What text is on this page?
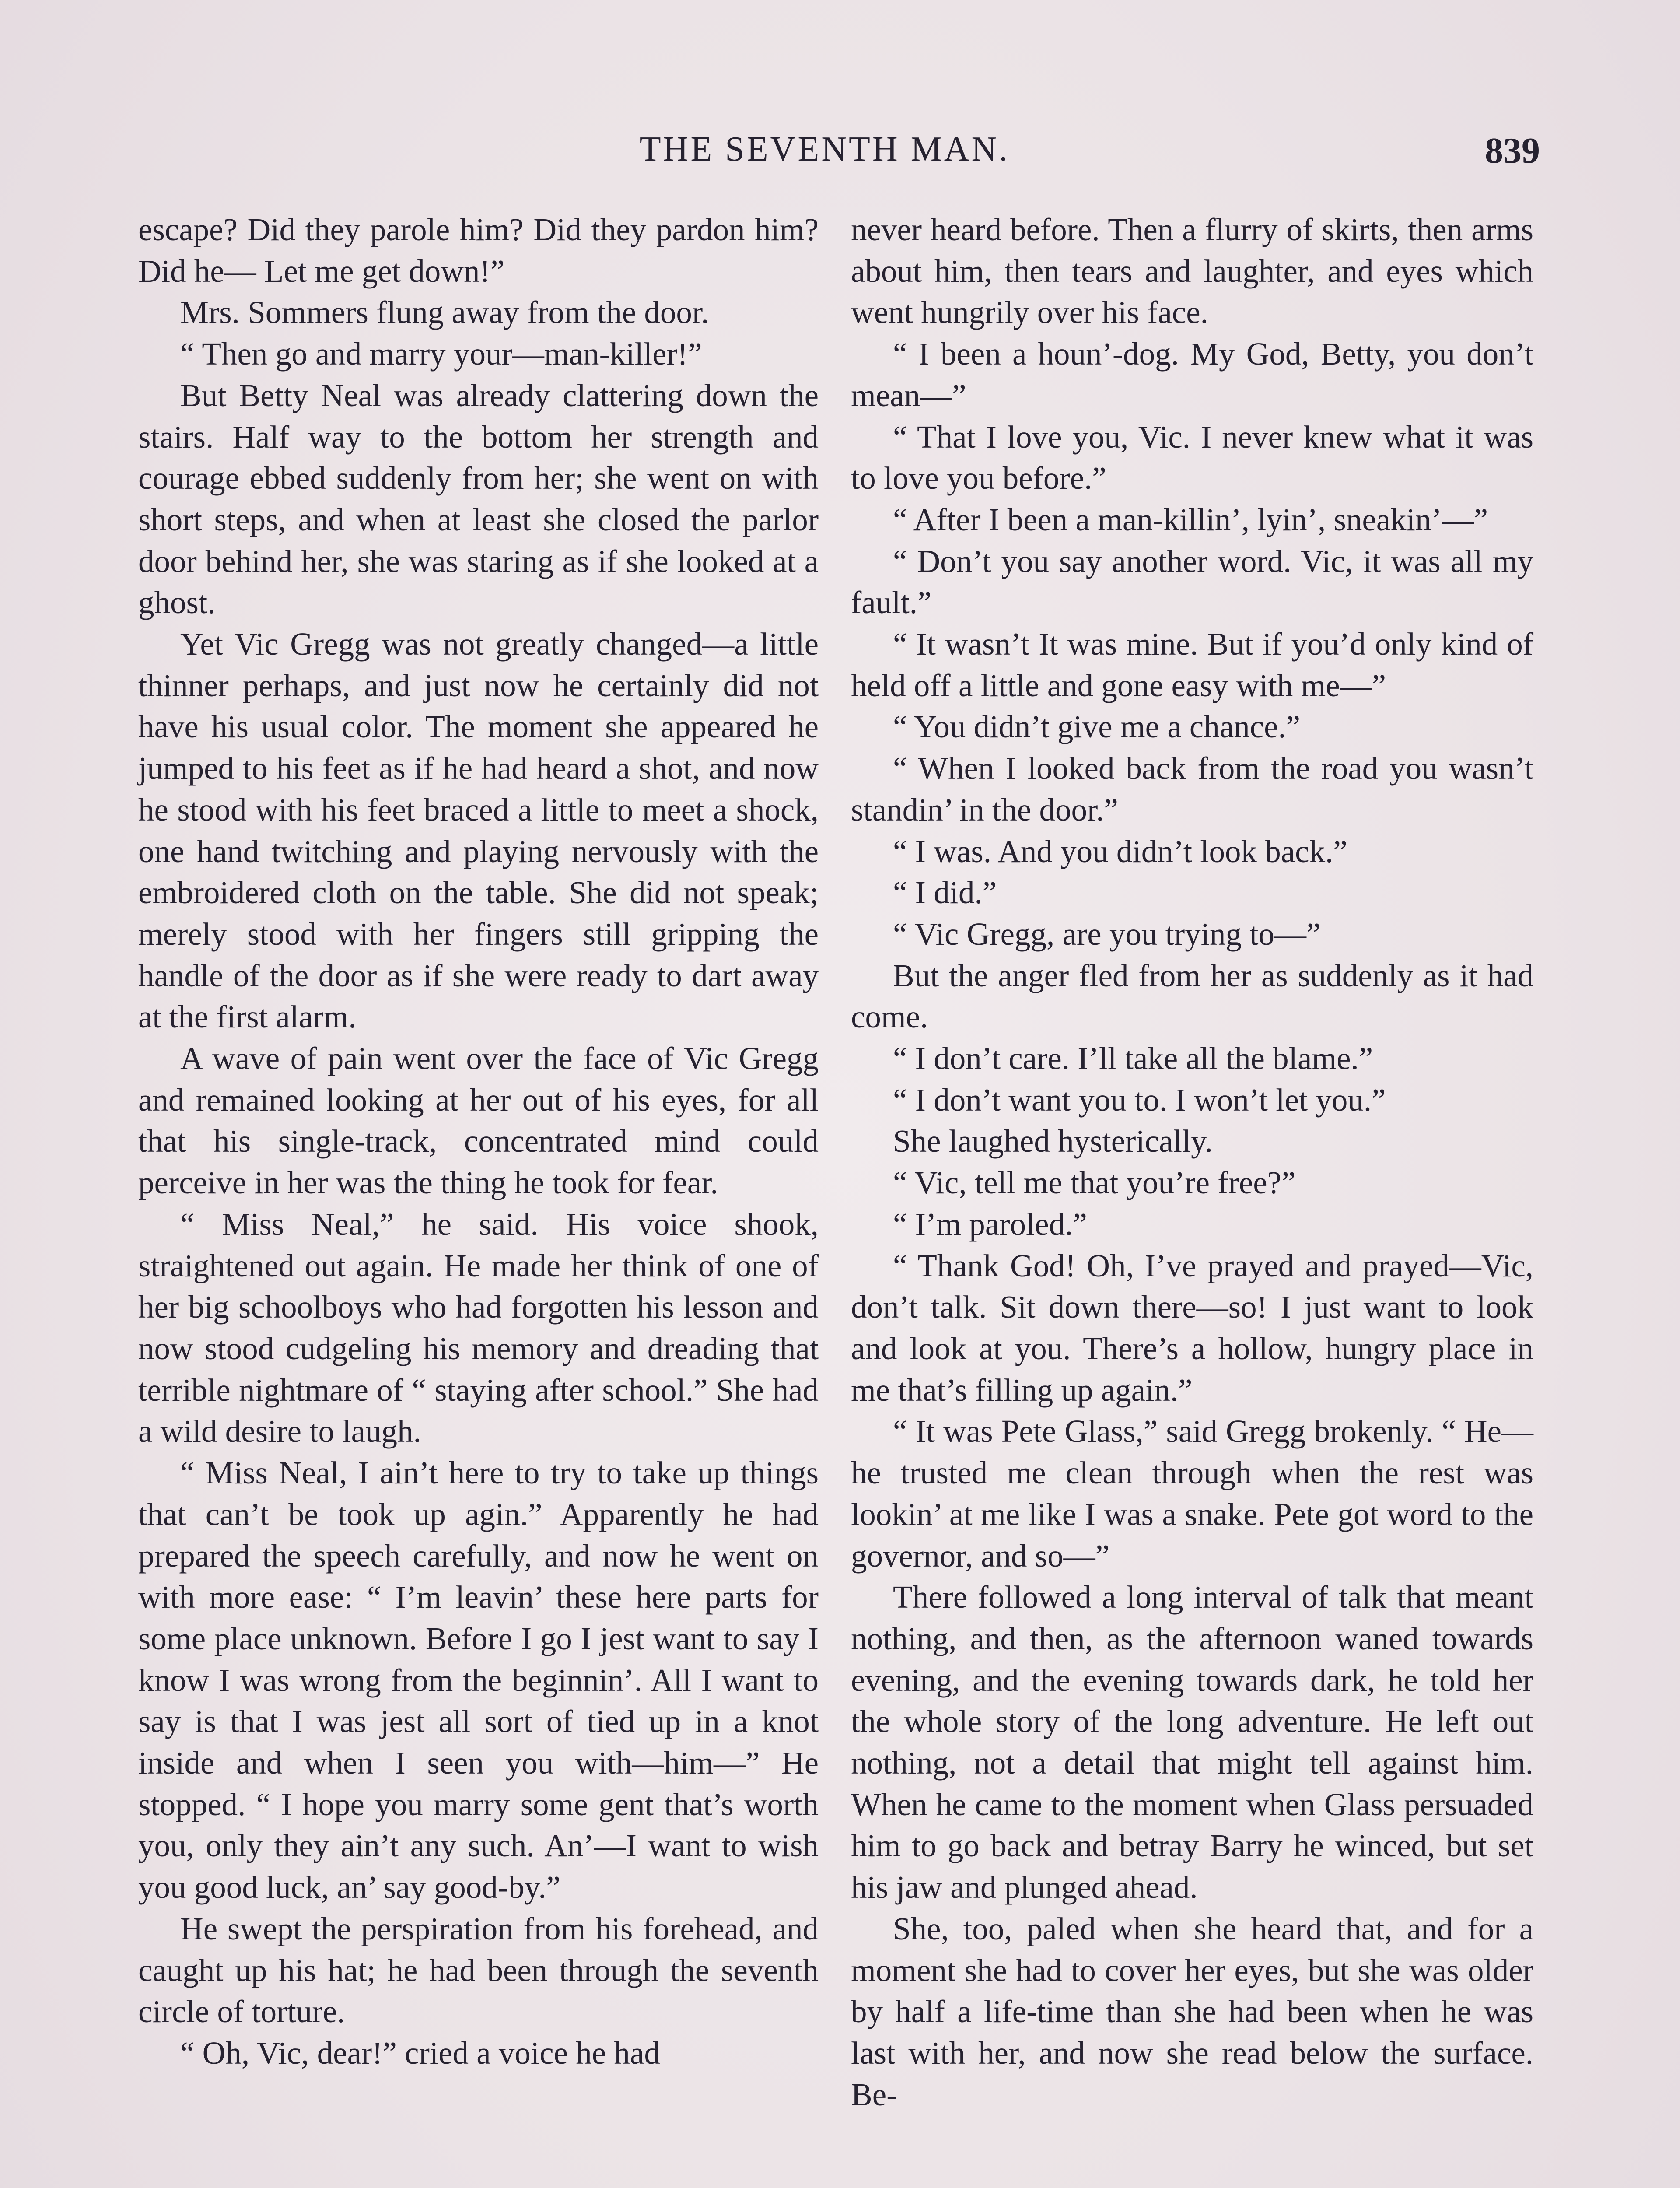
THE SEVENTH MAN.	839

escape? Did they parole him? Did they pardon him? Did he— Let me get down!”

Mrs. Sommers flung away from the door.

“ Then go and marry your—man-killer!”

But Betty Neal was already clattering down the stairs. Half way to the bottom her strength and courage ebbed suddenly from her; she went on with short steps, and when at least she closed the parlor door behind her, she was staring as if she looked at a ghost.

Yet Vic Gregg was not greatly changed—a little thinner perhaps, and just now he certainly did not have his usual color. The moment she appeared he jumped to his feet as if he had heard a shot, and now he stood with his feet braced a little to meet a shock, one hand twitching and playing nervously with the embroidered cloth on the table. She did not speak; merely stood with her fingers still gripping the handle of the door as if she were ready to dart away at the first alarm.

A wave of pain went over the face of Vic Gregg and remained looking at her out of his eyes, for all that his single-track, concentrated mind could perceive in her was the thing he took for fear.

“ Miss Neal,” he said. His voice shook, straightened out again. He made her think of one of her big schoolboys who had forgotten his lesson and now stood cudgeling his memory and dreading that terrible nightmare of “ staying after school.” She had a wild desire to laugh.

“ Miss Neal, I ain’t here to try to take up things that can’t be took up agin.” Apparently he had prepared the speech carefully, and now he went on with more ease: “ I’m leavin’ these here parts for some place unknown. Before I go I jest want to say I know I was wrong from the beginnin’. All I want to say is that I was jest all sort of tied up in a knot inside and when I seen you with—him—” He stopped. “ I hope you marry some gent that’s worth you, only they ain’t any such. An’—I want to wish you good luck, an’ say good-by.”

He swept the perspiration from his forehead, and caught up his hat; he had been through the seventh circle of torture.

“ Oh, Vic, dear!” cried a voice he had

never heard before. Then a flurry of skirts, then arms about him, then tears and laughter, and eyes which went hungrily over his face.

“ I been a houn’-dog. My God, Betty, you don’t mean—”

“ That I love you, Vic. I never knew what it was to love you before.”

“ After I been a man-killin’, lyin’, sneakin’—”

“ Don’t you say another word. Vic, it was all my fault.”

“ It wasn’t It was mine. But if you’d only kind of held off a little and gone easy with me—”

“ You didn’t give me a chance.”

“ When I looked back from the road you wasn’t standin’ in the door.”

“ I was. And you didn’t look back.”

“ I did.”

“ Vic Gregg, are you trying to—”

But the anger fled from her as suddenly as it had come.

“ I don’t care. I’ll take all the blame.”

“ I don’t want you to. I won’t let you.”

She laughed hysterically.

“ Vic, tell me that you’re free?”

“ I’m paroled.”

“ Thank God! Oh, I’ve prayed and prayed—Vic, don’t talk. Sit down there—so! I just want to look and look at you. There’s a hollow, hungry place in me that’s filling up again.”

“ It was Pete Glass,” said Gregg brokenly. “ He—he trusted me clean through when the rest was lookin’ at me like I was a snake. Pete got word to the governor, and so—”

There followed a long interval of talk that meant nothing, and then, as the afternoon waned towards evening, and the evening towards dark, he told her the whole story of the long adventure. He left out nothing, not a detail that might tell against him. When he came to the moment when Glass persuaded him to go back and betray Barry he winced, but set his jaw and plunged ahead.

She, too, paled when she heard that, and for a moment she had to cover her eyes, but she was older by half a life-time than she had been when he was last with her, and now she read below the surface. Be-
